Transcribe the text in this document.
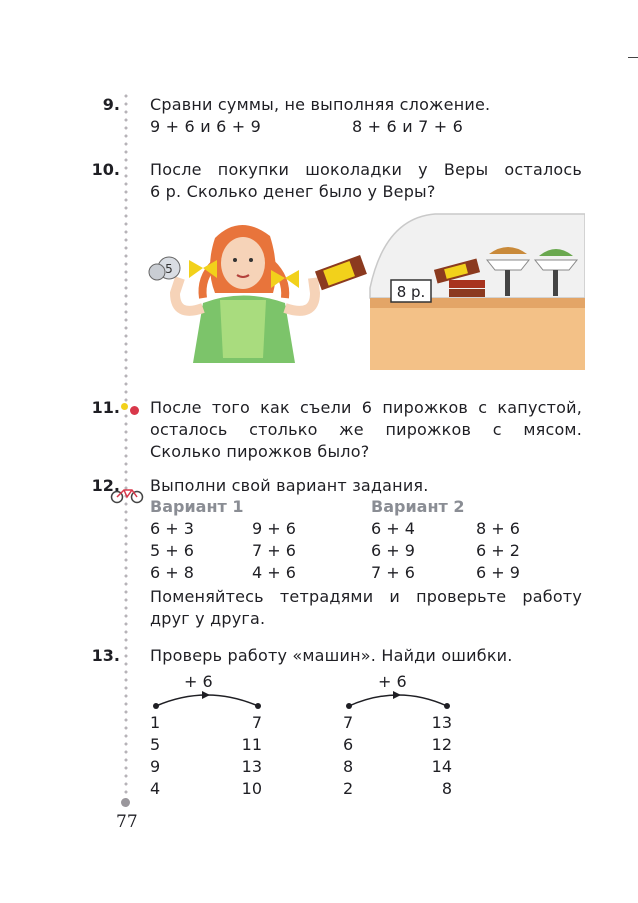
9. Сравни суммы, не выполняя сложение.
9 + 6 и 6 + 9	8 + 6 и 7 + 6
10. После покупки шоколадки у Веры осталось
6 р. Сколько денег было у Веры?
5
8 р.
11. После того как съели 6 пирожков с капустой,
осталось столько же пирожков с мясом.
Сколько пирожков было?
12. Выполни свой вариант задания.
Вариант 1	Вариант 2
6 + 3
5 + 6
6 + 8
9 + 6
7 + 6
4 + 6
6 + 4
6 + 9
7 + 6
8 + 6
6 + 2
6 + 9
Поменяйтесь тетрадями и проверьте работу
друг у друга.
13. Проверь работу «машин». Найди ошибки.
+ 6
1
5
9
4
7
11
13
10
+ 6
7
6
8
2
13
12
14
8
77
